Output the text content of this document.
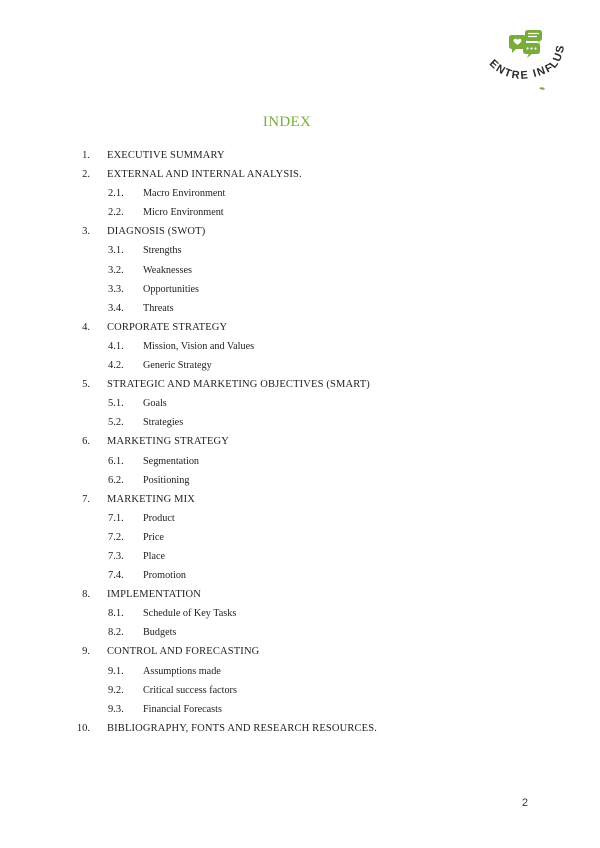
ENTRE INFLUS
INDEX
1. EXECUTIVE SUMMARY
2. EXTERNAL AND INTERNAL ANALYSIS.
2.1. Macro Environment
2.2. Micro Environment
3. DIAGNOSIS (SWOT)
3.1. Strengths
3.2. Weaknesses
3.3. Opportunities
3.4. Threats
4. CORPORATE STRATEGY
4.1. Mission, Vision and Values
4.2. Generic Strategy
5. STRATEGIC AND MARKETING OBJECTIVES (SMART)
5.1. Goals
5.2. Strategies
6. MARKETING STRATEGY
6.1. Segmentation
6.2. Positioning
7. MARKETING MIX
7.1. Product
7.2. Price
7.3. Place
7.4. Promotion
8. IMPLEMENTATION
8.1. Schedule of Key Tasks
8.2. Budgets
9. CONTROL AND FORECASTING
9.1. Assumptions made
9.2. Critical success factors
9.3. Financial Forecasts
10. BIBLIOGRAPHY, FONTS AND RESEARCH RESOURCES.
2
